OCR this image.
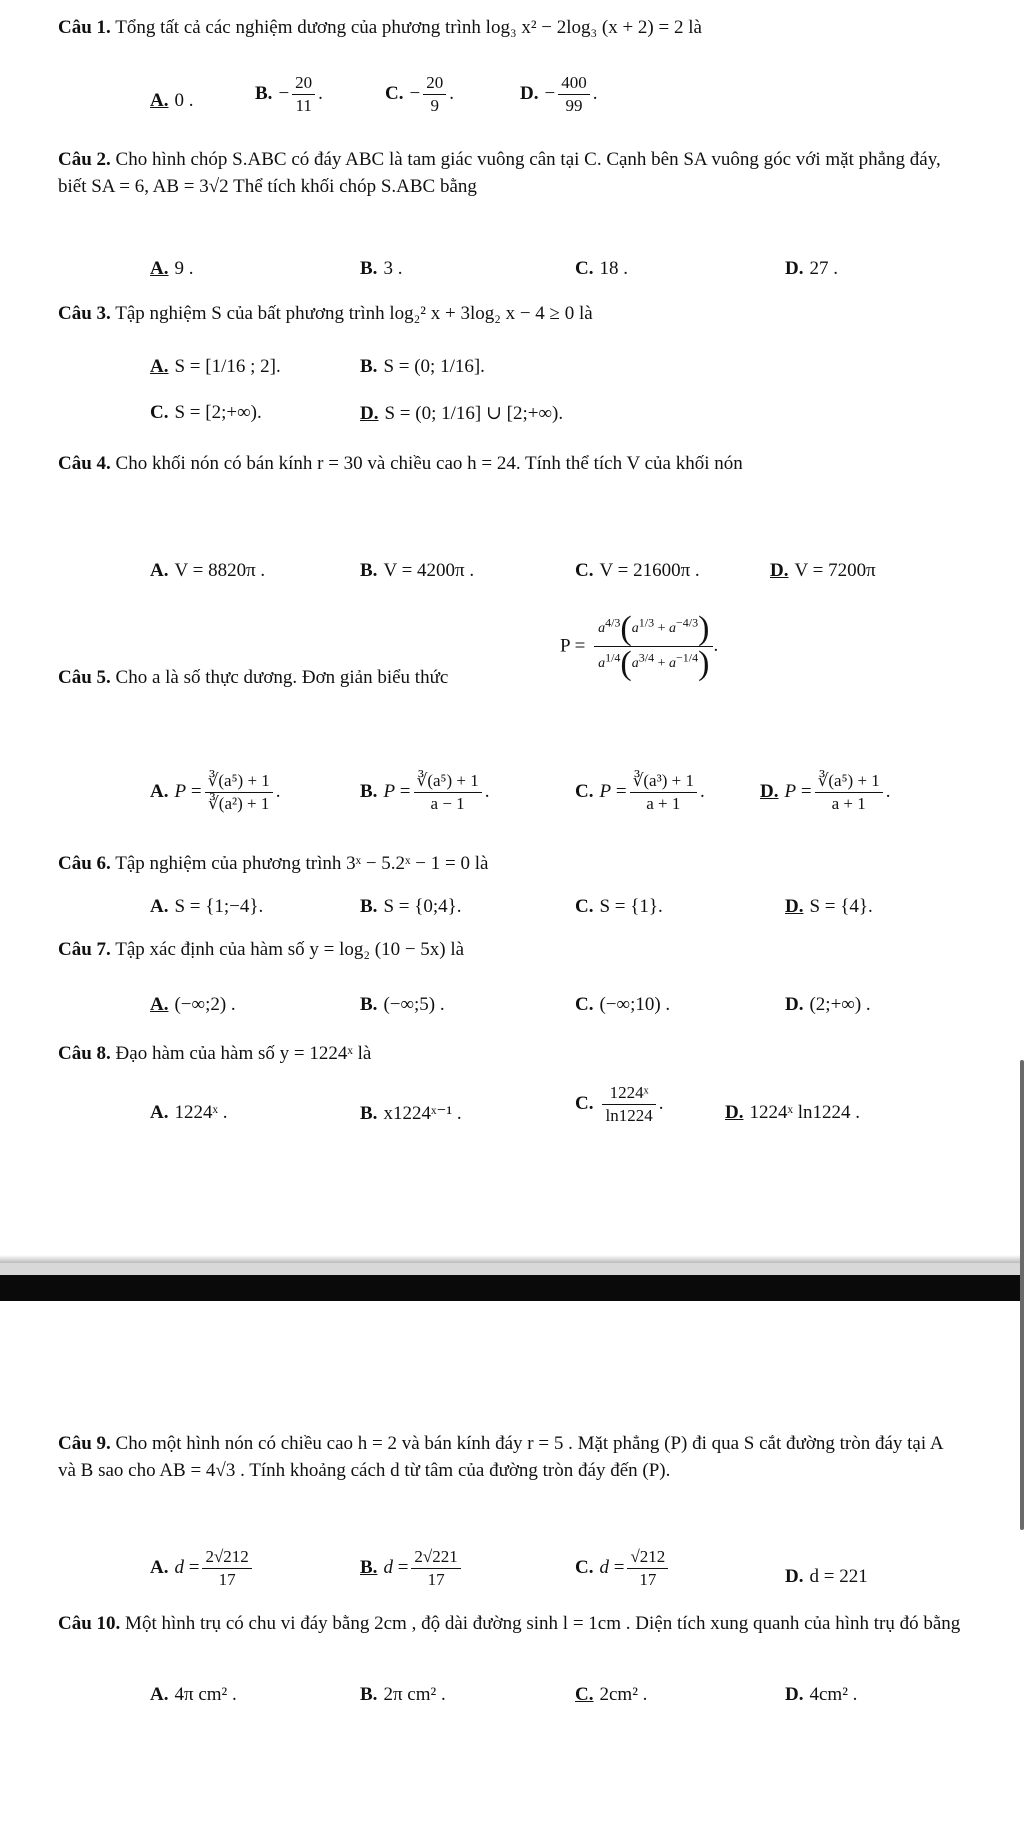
Câu 1. Tổng tất cả các nghiệm dương của phương trình log₃ x² − 2log₃ (x + 2) = 2 là
A. 0 .	B. − $\frac{20}{11}$ .	C. − $\frac{20}{9}$ .	D. − $\frac{400}{99}$ .
Câu 2. Cho hình chóp S.ABC có đáy ABC là tam giác vuông cân tại C. Cạnh bên SA vuông góc với mặt phẳng đáy, biết SA = 6, AB = 3√2 Thể tích khối chóp S.ABC bằng
A. 9 .	B. 3 .	C. 18 .	D. 27 .
Câu 3. Tập nghiệm S của bất phương trình log₂² x + 3log₂ x − 4 ≥ 0 là
A. S = [1/16 ; 2].	B. S = (0; 1/16].
C. S = [2;+∞).	D. S = (0; 1/16] ∪ [2;+∞).
Câu 4. Cho khối nón có bán kính r = 30 và chiều cao h = 24. Tính thể tích V của khối nón
A. V = 8820π .	B. V = 4200π .	C. V = 21600π .	D. V = 7200π
Câu 5. Cho a là số thực dương. Đơn giản biểu thức
$P = \frac{a^{4/3}(a^{1/3} + a^{-4/3})}{a^{1/4}(a^{3/4} + a^{-1/4})}$ .
A. $P = \frac{\text{∛(a⁵) + 1}}{\text{∛(a²) + 1}}$ .	B. $P = \frac{\text{∛(a⁵) + 1}}{a - 1}$ .	C. $P = \frac{\text{∛(a³) + 1}}{a + 1}$ .	D. $P = \frac{\text{∛(a⁵) + 1}}{a + 1}$ .
Câu 6. Tập nghiệm của phương trình 3ˣ − 5.2ˣ − 1 = 0 là
A. S = {1;−4}.	B. S = {0;4}.	C. S = {1}.	D. S = {4}.
Câu 7. Tập xác định của hàm số y = log₂ (10 − 5x) là
A. (−∞;2) .	B. (−∞;5) .	C. (−∞;10) .	D. (2;+∞) .
Câu 8. Đạo hàm của hàm số y = 1224ˣ là
A. 1224ˣ .	B. x1224ˣ⁻¹ .	C. $\frac{\text{1224ˣ}}{\ln 1224}$ .	D. 1224ˣ ln1224 .
Câu 9. Cho một hình nón có chiều cao h = 2 và bán kính đáy r = 5 . Mặt phẳng (P) đi qua S cắt đường tròn đáy tại A và B sao cho AB = 4√3 . Tính khoảng cách d từ tâm của đường tròn đáy đến (P).
A. $d = \frac{2√212}{17}$	B. $d = \frac{2√221}{17}$	C. $d = \frac{√212}{17}$	D. d = 221
Câu 10. Một hình trụ có chu vi đáy bằng 2cm , độ dài đường sinh l = 1cm . Diện tích xung quanh của hình trụ đó bằng
A. 4π cm² .	B. 2π cm² .	C. 2cm² .	D. 4cm² .
